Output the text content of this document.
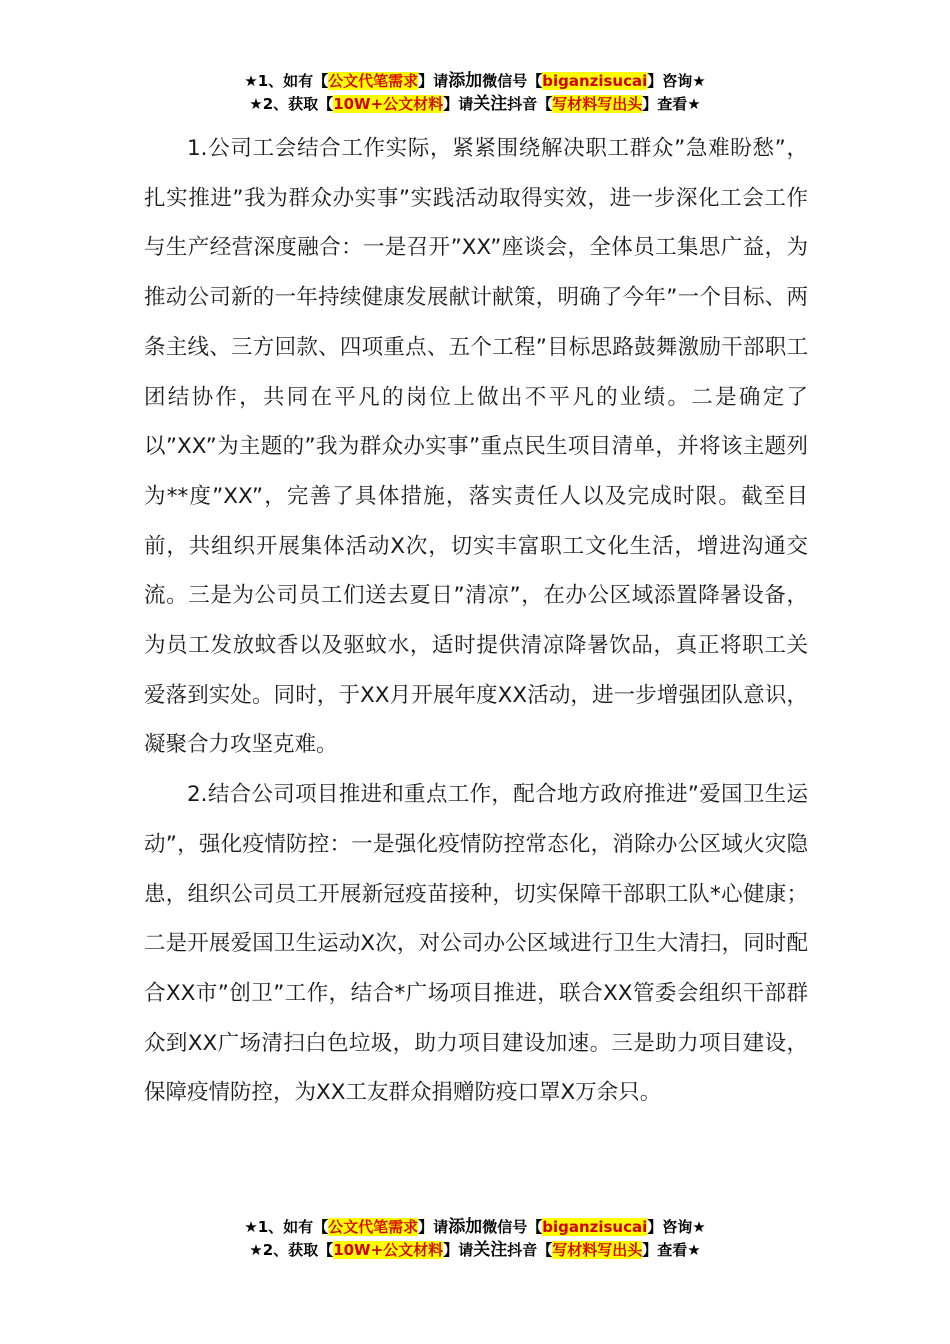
★1、如有【公文代笔需求】请添加微信号【biganzisucai】咨询★
★2、获取【10W+公文材料】请关注抖音【写材料写出头】查看★

1.公司工会结合工作实际，紧紧围绕解决职工群众”急难盼愁”，扎实推进”我为群众办实事”实践活动取得实效，进一步深化工会工作与生产经营深度融合：一是召开”XX”座谈会，全体员工集思广益，为推动公司新的一年持续健康发展献计献策，明确了今年”一个目标、两条主线、三方回款、四项重点、五个工程”目标思路鼓舞激励干部职工团结协作，共同在平凡的岗位上做出不平凡的业绩。二是确定了以”XX”为主题的”我为群众办实事”重点民生项目清单，并将该主题列为**度”XX”，完善了具体措施，落实责任人以及完成时限。截至目前，共组织开展集体活动X次，切实丰富职工文化生活，增进沟通交流。三是为公司员工们送去夏日”清凉”，在办公区域添置降暑设备，为员工发放蚊香以及驱蚊水，适时提供清凉降暑饮品，真正将职工关爱落到实处。同时，于XX月开展年度XX活动，进一步增强团队意识，凝聚合力攻坚克难。

2.结合公司项目推进和重点工作，配合地方政府推进”爱国卫生运动”，强化疫情防控：一是强化疫情防控常态化，消除办公区域火灾隐患，组织公司员工开展新冠疫苗接种，切实保障干部职工队*心健康；二是开展爱国卫生运动X次，对公司办公区域进行卫生大清扫，同时配合XX市”创卫”工作，结合*广场项目推进，联合XX管委会组织干部群众到XX广场清扫白色垃圾，助力项目建设加速。三是助力项目建设，保障疫情防控，为XX工友群众捐赠防疫口罩X万余只。

★1、如有【公文代笔需求】请添加微信号【biganzisucai】咨询★
★2、获取【10W+公文材料】请关注抖音【写材料写出头】查看★
